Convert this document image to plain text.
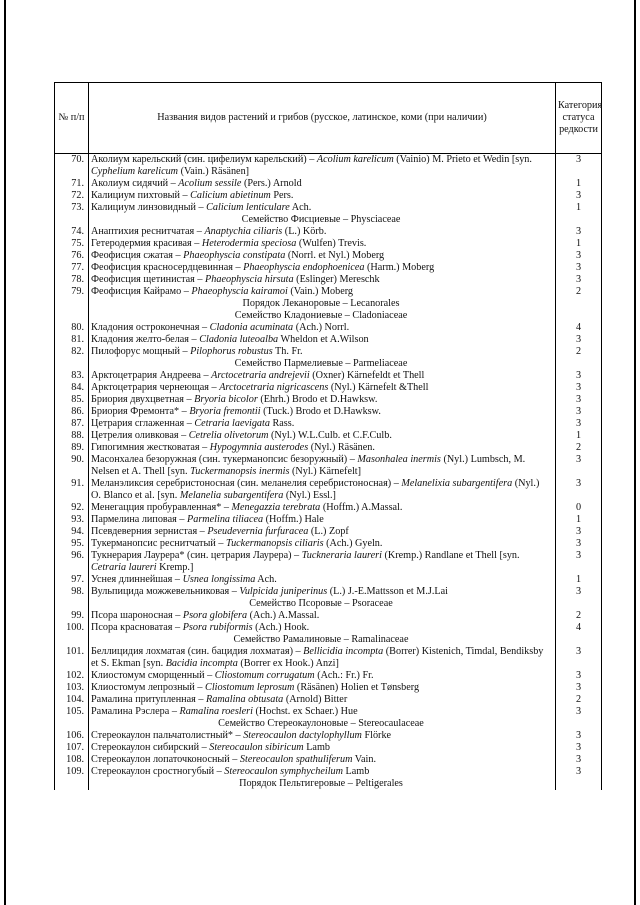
№ п/п	Названия видов растений и грибов (русское, латинское, коми (при наличии)	Категория статуса редкости
70.	Аколиум карельский (син. цифелиум карельский) – Acolium karelicum (Vainio) M. Prieto et Wedin [syn. Cyphelium karelicum (Vain.) Räsänen]	3
71.	Аколиум сидячий – Acolium sessile (Pers.) Arnold	1
72.	Калициум пихтовый – Calicium abietinum Pers.	3
73.	Калициум линзовидный – Calicium lenticulare Ach.	1
	Семейство Фисциевые – Physciaceae	
74.	Анаптихия реснитчатая – Anaptychia ciliaris (L.) Körb.	3
75.	Гетеродермия красивая – Heterodermia speciosa (Wulfen) Trevis.	1
76.	Феофисция сжатая – Phaeophyscia constipata (Norrl. et Nyl.) Moberg	3
77.	Феофисция красносердцевинная – Phaeophyscia endophoenicea (Harm.) Moberg	3
78.	Феофисция щетинистая – Phaeophyscia hirsuta (Eslinger) Mereschk	3
79.	Феофисция Кайрамо – Phaeophyscia kairamoi (Vain.) Moberg	2
	Порядок Леканоровые – Lecanorales	
	Семейство Кладониевые – Cladoniaceae	
80.	Кладония остроконечная – Cladonia acuminata (Ach.) Norrl.	4
81.	Кладония желто-белая – Cladonia luteoalba Wheldon et A.Wilson	3
82.	Пилофорус мощный – Pilophorus robustus Th. Fr.	2
	Семейство Пармелиевые – Parmeliaceae	
83.	Арктоцетрария Андреева – Arctocetraria andrejevii (Oxner) Kärnefeldt et Thell	3
84.	Арктоцетрария чернеющая – Arctocetraria nigricascens (Nyl.) Kärnefelt &Thell	3
85.	Бриория двухцветная – Bryoria bicolor (Ehrh.) Brodo et D.Hawksw.	3
86.	Бриория Фремонта* – Bryoria fremontii (Tuck.) Brodo et D.Hawksw.	3
87.	Цетрария сглаженная – Cetraria laevigata Rass.	3
88.	Цетрелия оливковая – Cetrelia olivetorum (Nyl.) W.L.Culb. et C.F.Culb.	1
89.	Гипогимния жестковатая – Hypogymnia austerodes (Nyl.) Räsänen.	2
90.	Масонхалеа безоружная (син. тукерманопсис безоружный) – Masonhalea inermis (Nyl.) Lumbsch, M. Nelsen et A. Thell [syn. Tuckermanopsis inermis (Nyl.) Kärnefelt]	3
91.	Меланэликсия серебристоносная (син. меланелия серебристоносная) – Melanelixia subargentifera (Nyl.) O. Blanco et al. [syn. Melanelia subargentifera (Nyl.) Essl.]	3
92.	Менегацция пробуравленная* – Menegazzia terebrata (Hoffm.) A.Massal.	0
93.	Пармелина липовая – Parmelina tiliacea (Hoffm.) Hale	1
94.	Псевдеверния зернистая – Pseudevernia furfuracea (L.) Zopf	3
95.	Тукерманопсис реснитчатый – Tuckermanopsis ciliaris (Ach.) Gyeln.	3
96.	Тукнерария Лаурера* (син. цетрария Лаурера) – Tuckneraria laureri (Kremp.) Randlane et Thell [syn. Cetraria laureri Kremp.]	3
97.	Уснея длиннейшая – Usnea longissima Ach.	1
98.	Вульпицида можжевельниковая – Vulpicida juniperinus (L.) J.-E.Mattsson et M.J.Lai	3
	Семейство Псоровые – Psoraceae	
99.	Псора шароносная – Psora globifera (Ach.) A.Massal.	2
100.	Псора красноватая – Psora rubiformis (Ach.) Hook.	4
	Семейство Рамалиновые – Ramalinaceae	
101.	Беллицидия лохматая (син. бацидия лохматая) – Bellicidia incompta (Borrer) Kistenich, Timdal, Bendiksby et S. Ekman [syn. Bacidia incompta (Borrer ex Hook.) Anzi]	3
102.	Клиостомум сморщенный – Cliostomum corrugatum (Ach.: Fr.) Fr.	3
103.	Клиостомум лепрозный – Cliostomum leprosum (Räsänen) Holien et Tønsberg	3
104.	Рамалина притупленная – Ramalina obtusata (Arnold) Bitter	2
105.	Рамалина Рэслера – Ramalina roesleri (Hochst. ex Schaer.) Hue	3
	Семейство Стереокаулоновые – Stereocaulaceae	
106.	Стереокаулон пальчатолистный* – Stereocaulon dactylophyllum Flörke	3
107.	Стереокаулон сибирский – Stereocaulon sibiricum Lamb	3
108.	Стереокаулон лопаточконосный – Stereocaulon spathuliferum Vain.	3
109.	Стереокаулон сростногубый – Stereocaulon symphycheilum Lamb	3
	Порядок Пельтигеровые – Peltigerales	
